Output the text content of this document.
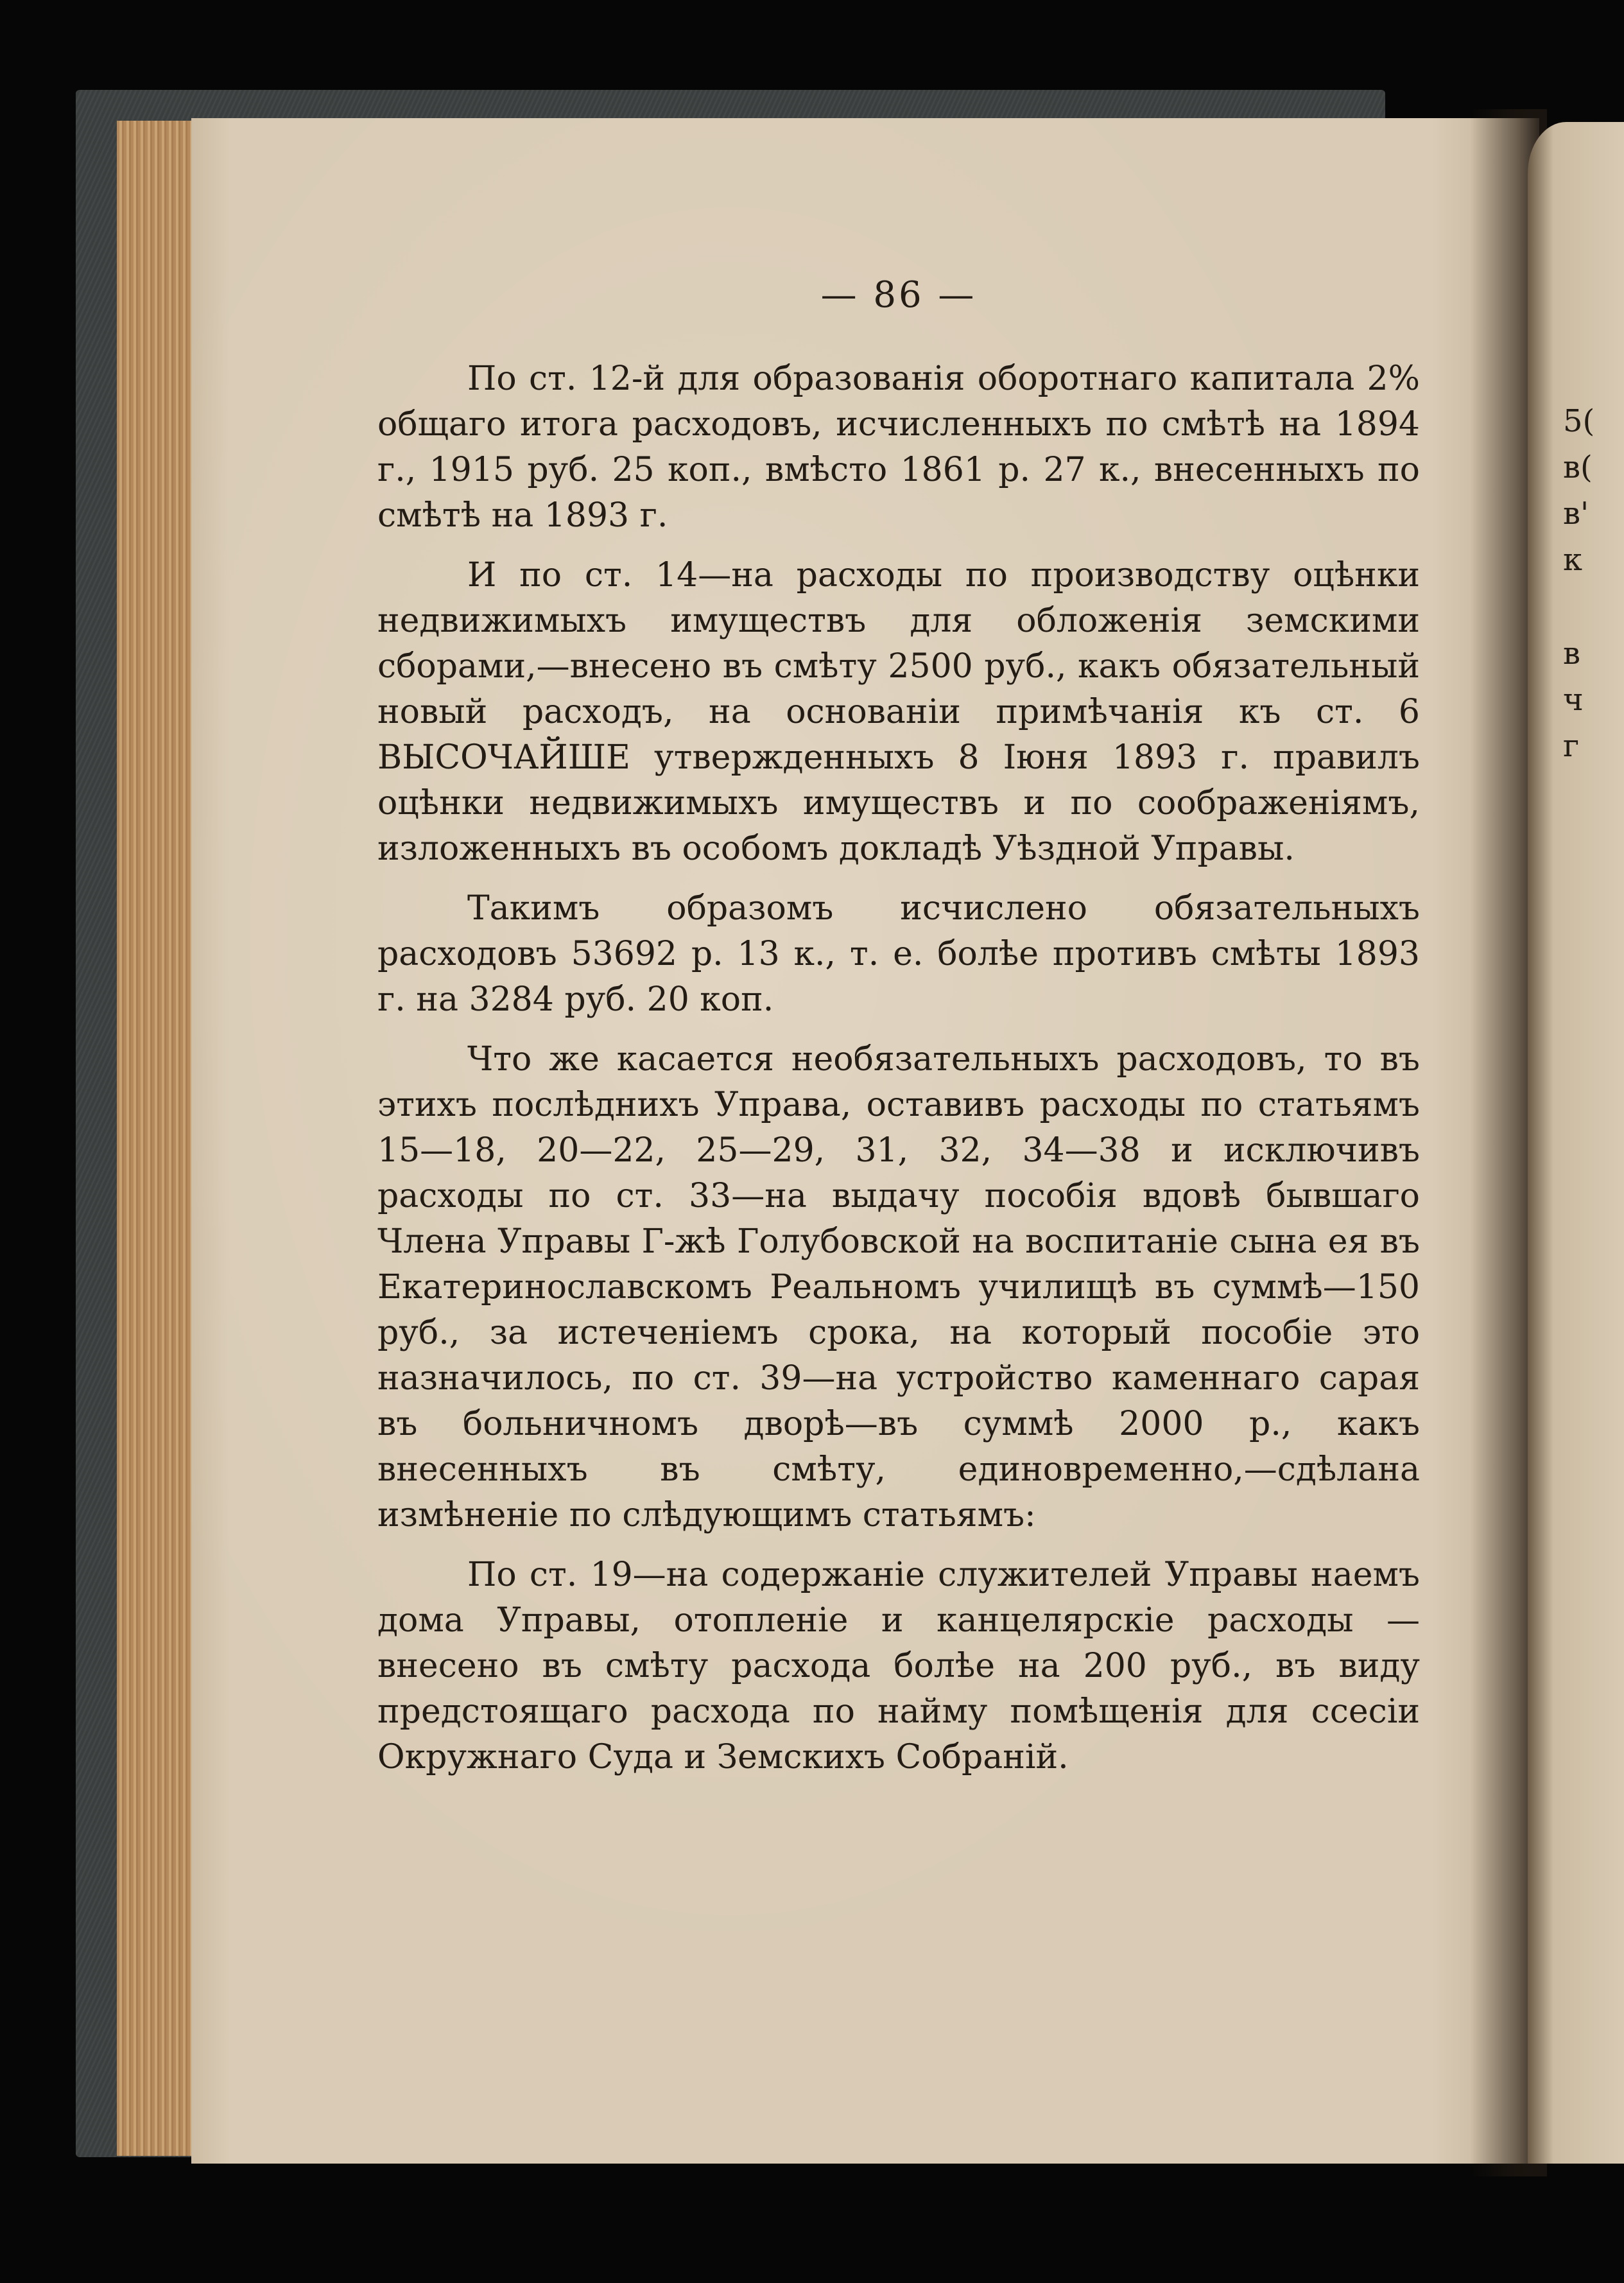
5(
в(
в'
к
в
ч
г
— 86 —

По ст. 12-й для образованія оборотнаго капитала 2% общаго итога расходовъ, исчисленныхъ по смѣтѣ на 1894 г., 1915 руб. 25 коп., вмѣсто 1861 р. 27 к., внесенныхъ по смѣтѣ на 1893 г.

И по ст. 14—на расходы по производству оцѣнки недвижимыхъ имуществъ для обложенія земскими сборами,—внесено въ смѣту 2500 руб., какъ обязательный новый расходъ, на основаніи примѣчанія къ ст. 6 ВЫСОЧАЙШЕ утвержденныхъ 8 Іюня 1893 г. правилъ оцѣнки недвижимыхъ имуществъ и по соображеніямъ, изложенныхъ въ особомъ докладѣ Уѣздной Управы.

Такимъ образомъ исчислено обязательныхъ расходовъ 53692 р. 13 к., т. е. болѣе противъ смѣты 1893 г. на 3284 руб. 20 коп.

Что же касается необязательныхъ расходовъ, то въ этихъ послѣднихъ Управа, оставивъ расходы по статьямъ 15—18, 20—22, 25—29, 31, 32, 34—38 и исключивъ расходы по ст. 33—на выдачу пособія вдовѣ бывшаго Члена Управы Г-жѣ Голубовской на воспитаніе сына ея въ Екатеринославскомъ Реальномъ училищѣ въ суммѣ—150 руб., за истеченіемъ срока, на который пособіе это назначилось, по ст. 39—на устройство каменнаго сарая въ больничномъ дворѣ—въ суммѣ 2000 р., какъ внесенныхъ въ смѣту, единовременно,—сдѣлана измѣненіе по слѣдующимъ статьямъ:

По ст. 19—на содержаніе служителей Управы наемъ дома Управы, отопленіе и канцелярскіе расходы —внесено въ смѣту расхода болѣе на 200 руб., въ виду предстоящаго расхода по найму помѣщенія для ссесіи Окружнаго Суда и Земскихъ Собраній.
